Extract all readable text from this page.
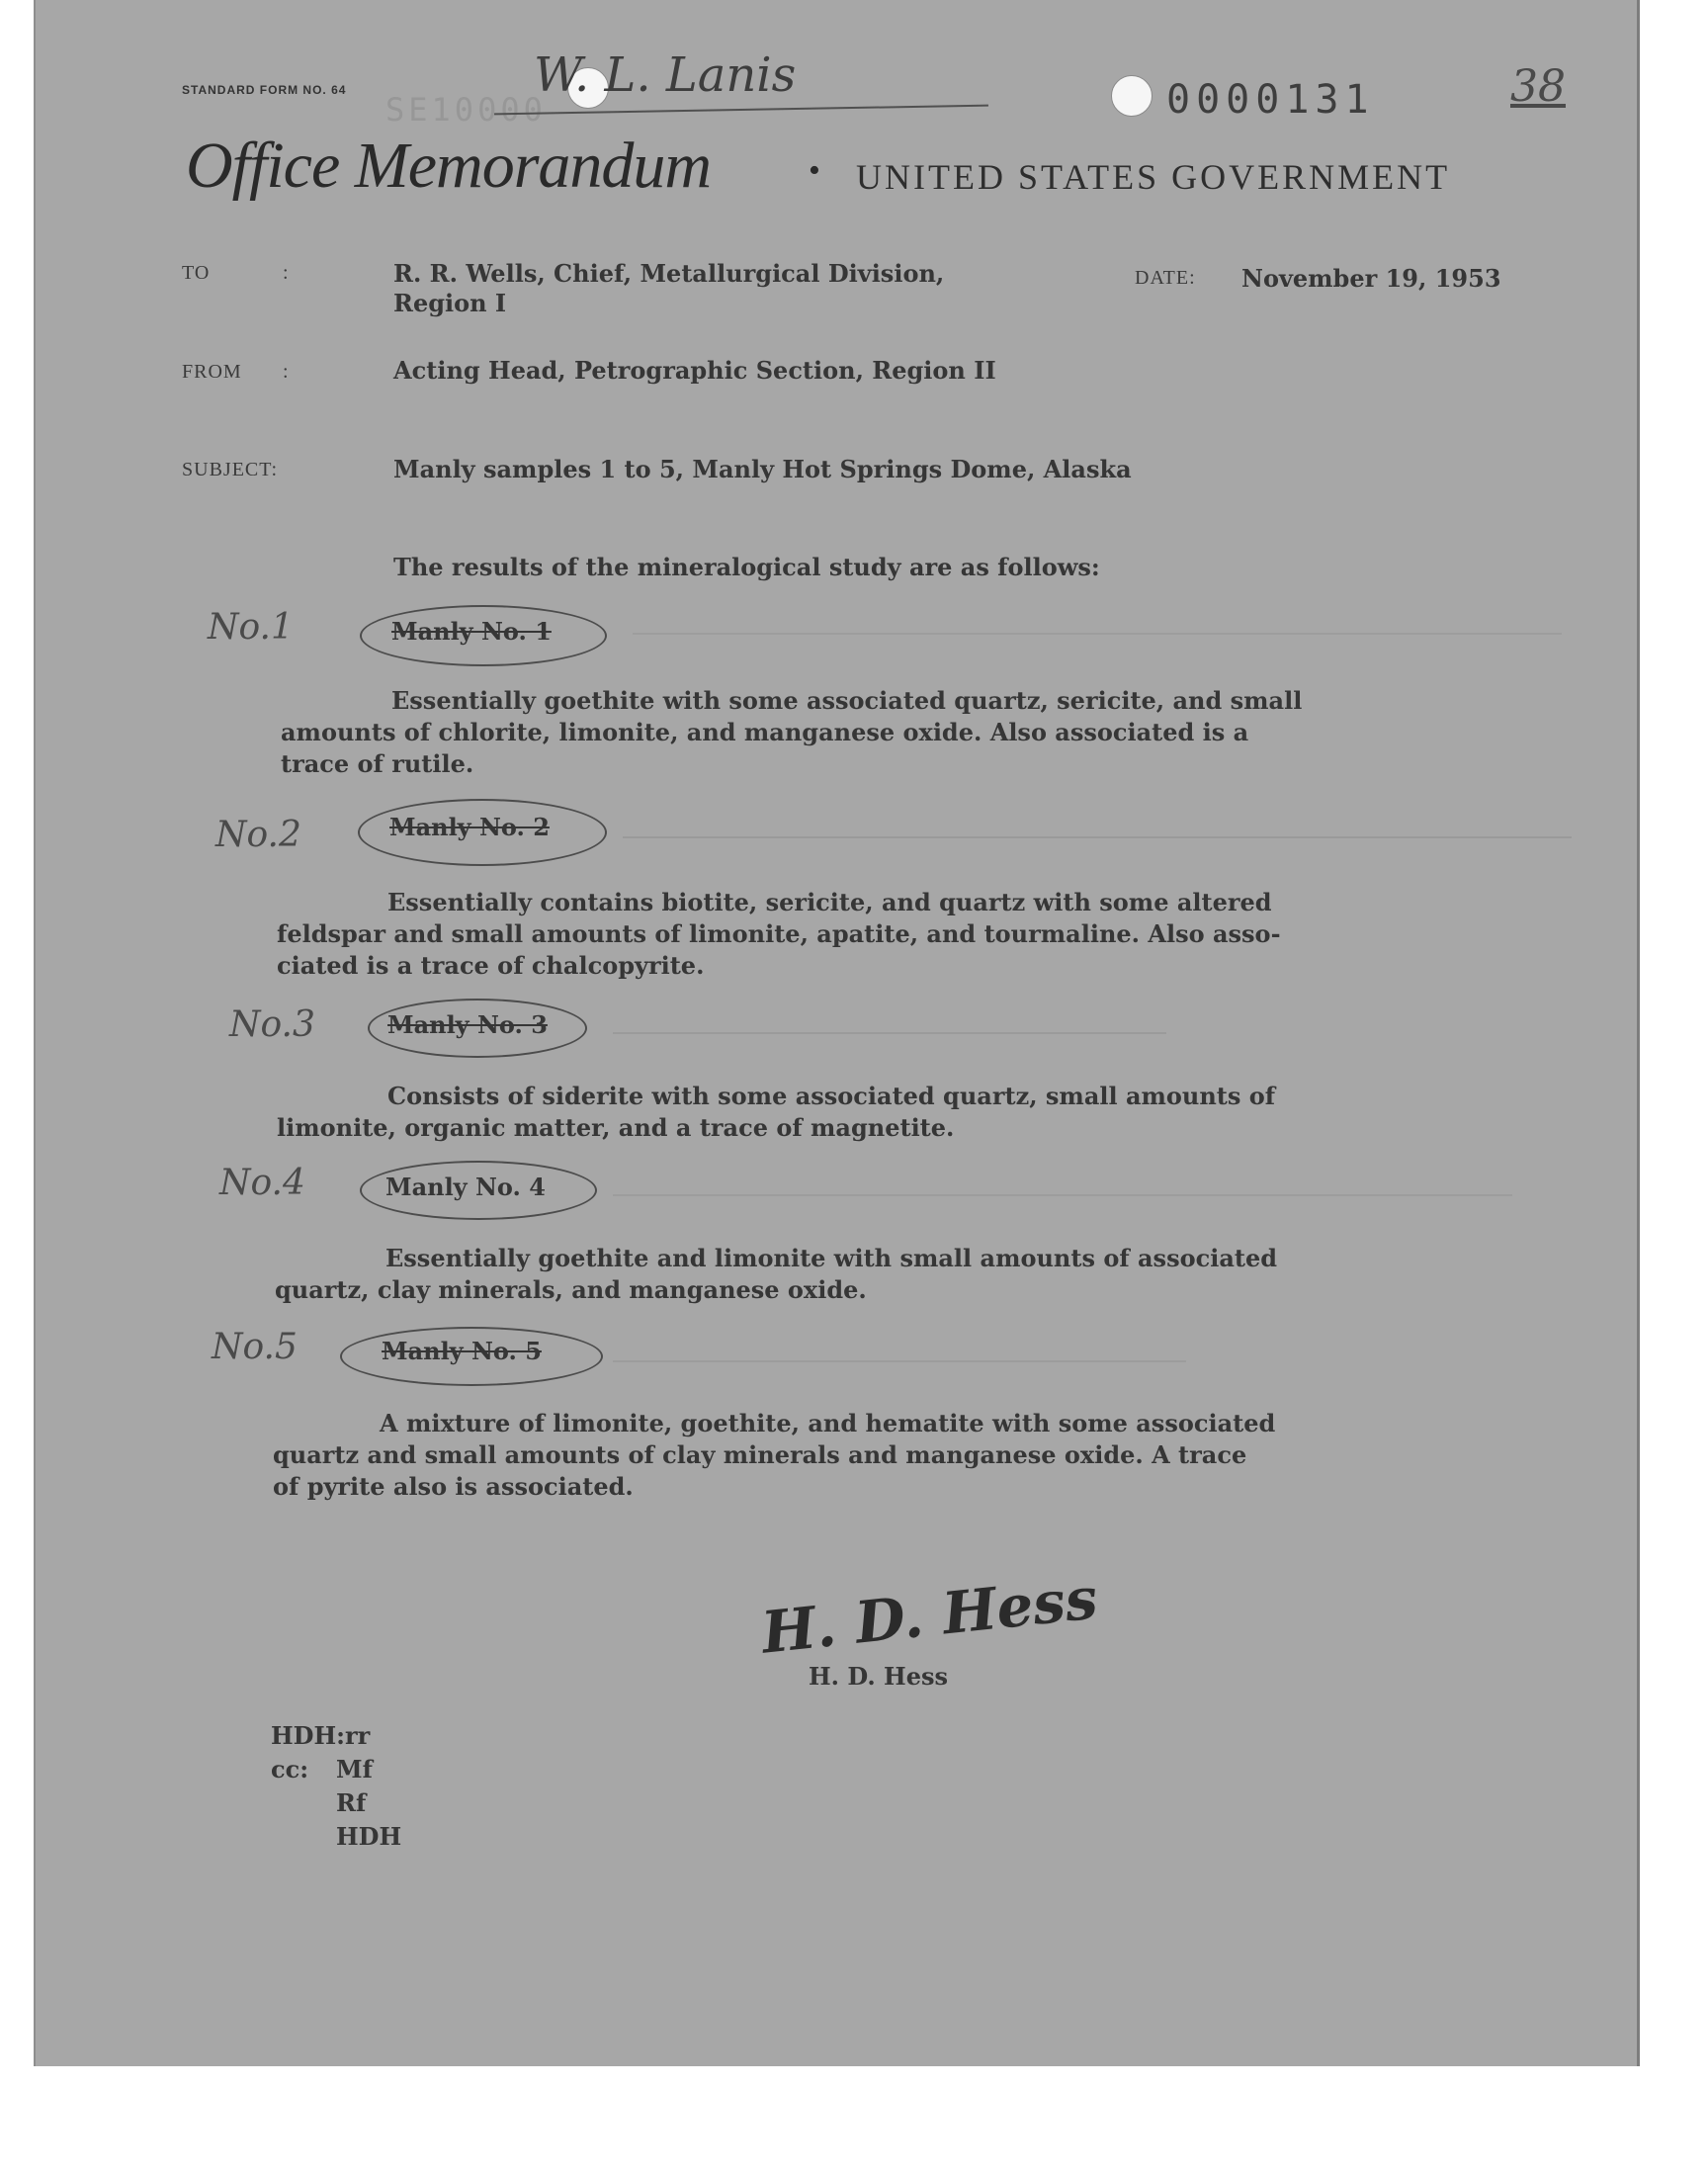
STANDARD FORM NO. 64
SE10000
W. L. Lanis	0000131	38
Office Memorandum	• UNITED STATES GOVERNMENT
TO	:	R. R. Wells, Chief, Metallurgical Division,
Region I
DATE: November 19, 1953
FROM :	Acting Head, Petrographic Section, Region II
SUBJECT:	Manly samples 1 to 5, Manly Hot Springs Dome, Alaska
The results of the mineralogical study are as follows:
No.1	Manly No. 1
Essentially goethite with some associated quartz, sericite, and small
amounts of chlorite, limonite, and manganese oxide. Also associated is a
trace of rutile.
No.2	Manly No. 2
Essentially contains biotite, sericite, and quartz with some altered
feldspar and small amounts of limonite, apatite, and tourmaline. Also asso-
ciated is a trace of chalcopyrite.
No.3	Manly No. 3
Consists of siderite with some associated quartz, small amounts of
limonite, organic matter, and a trace of magnetite.
No.4	Manly No. 4
Essentially goethite and limonite with small amounts of associated
quartz, clay minerals, and manganese oxide.
No.5	Manly No. 5
A mixture of limonite, goethite, and hematite with some associated
quartz and small amounts of clay minerals and manganese oxide. A trace
of pyrite also is associated.
H. D. Hess
H. D. Hess
HDH:rr
cc: Mf
Rf
HDH
